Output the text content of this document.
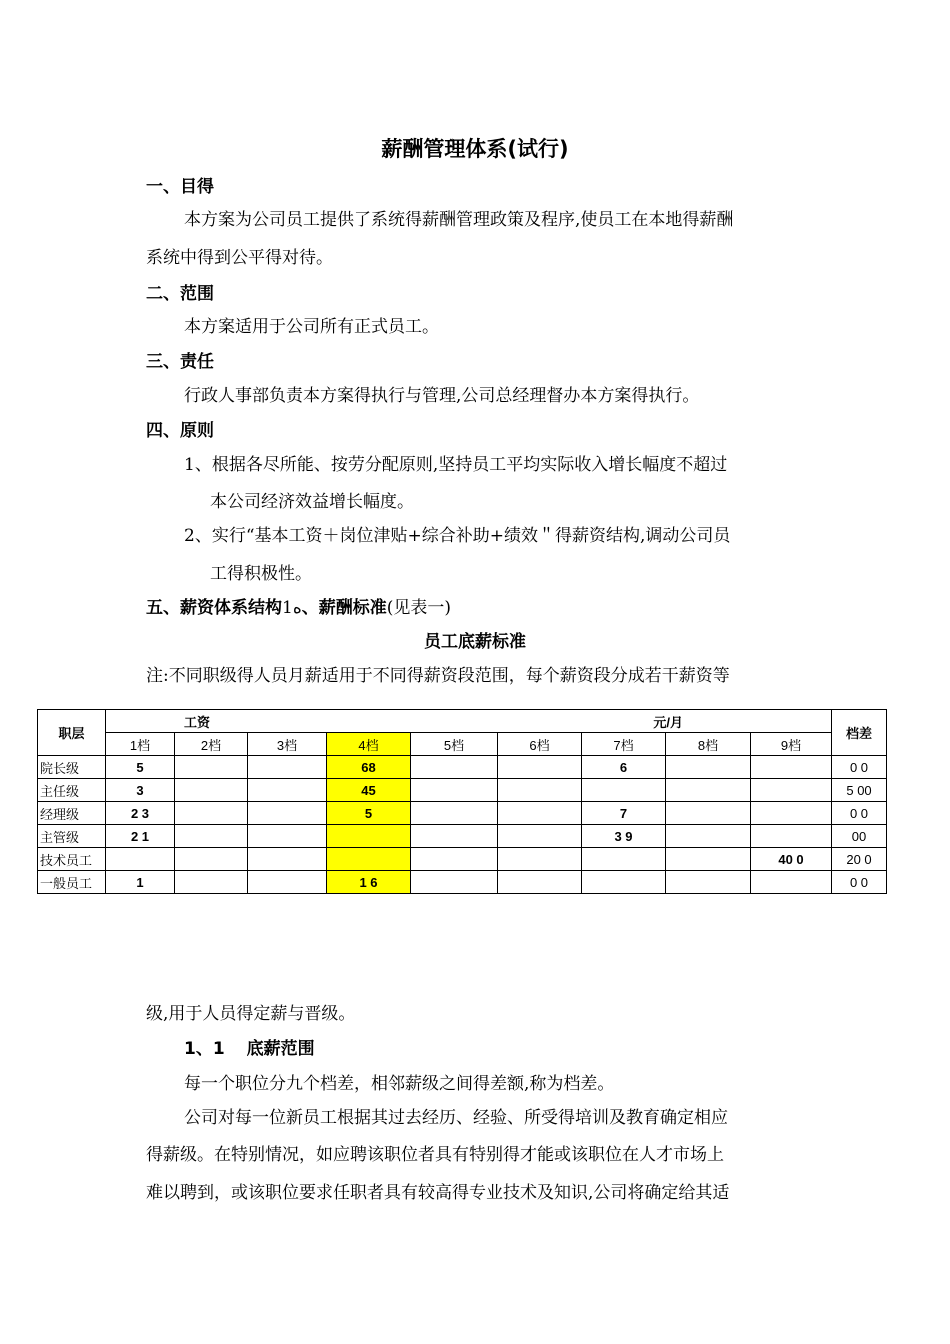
薪酬管理体系(试行)
一、目得
本方案为公司员工提供了系统得薪酬管理政策及程序,使员工在本地得薪酬
系统中得到公平得对待。
二、范围
本方案适用于公司所有正式员工。
三、责任
行政人事部负责本方案得执行与管理,公司总经理督办本方案得执行。
四、原则
1、根据各尽所能、按劳分配原则,坚持员工平均实际收入增长幅度不超过
本公司经济效益增长幅度。
2、实行“基本工资＋岗位津贴+综合补助+绩效＂得薪资结构,调动公司员
工得积极性。
五、薪资体系结构1ﻩ、薪酬标准(见表一)
员工底薪标准
注:不同职级得人员月薪适用于不同得薪资段范围，每个薪资段分成若干薪资等
职层	工资				元/月					档差
	1档	2档	3档	4档	5档	6档	7档	8档	9档	
院长级	5			68			6			0 0
主任级	3			45						5 00
经理级	2 3			5			7			0 0
主管级	2 1						3 9			00
技术员工									40 0	20 0
一般员工	1			1 6						0 0
级,用于人员得定薪与晋级。
1、1 底薪范围
每一个职位分九个档差，相邻薪级之间得差额,称为档差。
公司对每一位新员工根据其过去经历、经验、所受得培训及教育确定相应
得薪级。在特别情况，如应聘该职位者具有特别得才能或该职位在人才市场上
难以聘到，或该职位要求任职者具有较高得专业技术及知识,公司将确定给其适
